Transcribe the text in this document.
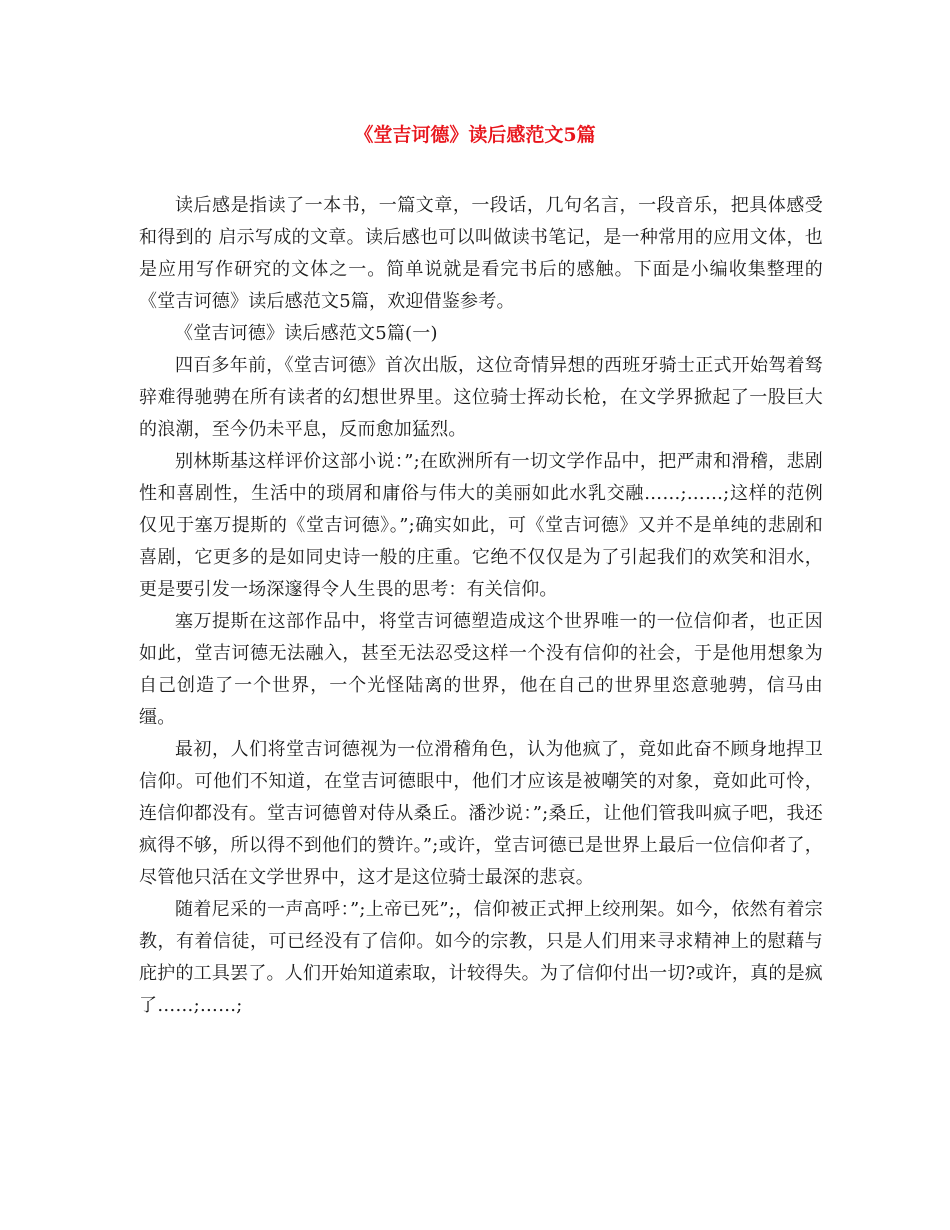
《堂吉诃德》读后感范文5篇

读后感是指读了一本书，一篇文章，一段话，几句名言，一段音乐，把具体感受和得到的 启示写成的文章。读后感也可以叫做读书笔记，是一种常用的应用文体，也是应用写作研究的文体之一。简单说就是看完书后的感触。下面是小编收集整理的《堂吉诃德》读后感范文5篇，欢迎借鉴参考。

《堂吉诃德》读后感范文5篇(一)

四百多年前，《堂吉诃德》首次出版，这位奇情异想的西班牙骑士正式开始驾着驽骍难得驰骋在所有读者的幻想世界里。这位骑士挥动长枪，在文学界掀起了一股巨大的浪潮，至今仍未平息，反而愈加猛烈。

别林斯基这样评价这部小说：”;在欧洲所有一切文学作品中，把严肃和滑稽，悲剧性和喜剧性，生活中的琐屑和庸俗与伟大的美丽如此水乳交融……;……;这样的范例仅见于塞万提斯的《堂吉诃德》。”;确实如此，可《堂吉诃德》又并不是单纯的悲剧和喜剧，它更多的是如同史诗一般的庄重。它绝不仅仅是为了引起我们的欢笑和泪水，更是要引发一场深邃得令人生畏的思考：有关信仰。

塞万提斯在这部作品中，将堂吉诃德塑造成这个世界唯一的一位信仰者，也正因如此，堂吉诃德无法融入，甚至无法忍受这样一个没有信仰的社会，于是他用想象为自己创造了一个世界，一个光怪陆离的世界，他在自己的世界里恣意驰骋，信马由缰。

最初，人们将堂吉诃德视为一位滑稽角色，认为他疯了，竟如此奋不顾身地捍卫信仰。可他们不知道，在堂吉诃德眼中，他们才应该是被嘲笑的对象，竟如此可怜，连信仰都没有。堂吉诃德曾对侍从桑丘。潘沙说：”;桑丘，让他们管我叫疯子吧，我还疯得不够，所以得不到他们的赞许。”;或许，堂吉诃德已是世界上最后一位信仰者了，尽管他只活在文学世界中，这才是这位骑士最深的悲哀。

随着尼采的一声高呼：”;上帝已死”;，信仰被正式押上绞刑架。如今，依然有着宗教，有着信徒，可已经没有了信仰。如今的宗教，只是人们用来寻求精神上的慰藉与庇护的工具罢了。人们开始知道索取，计较得失。为了信仰付出一切?或许，真的是疯了……;……;
